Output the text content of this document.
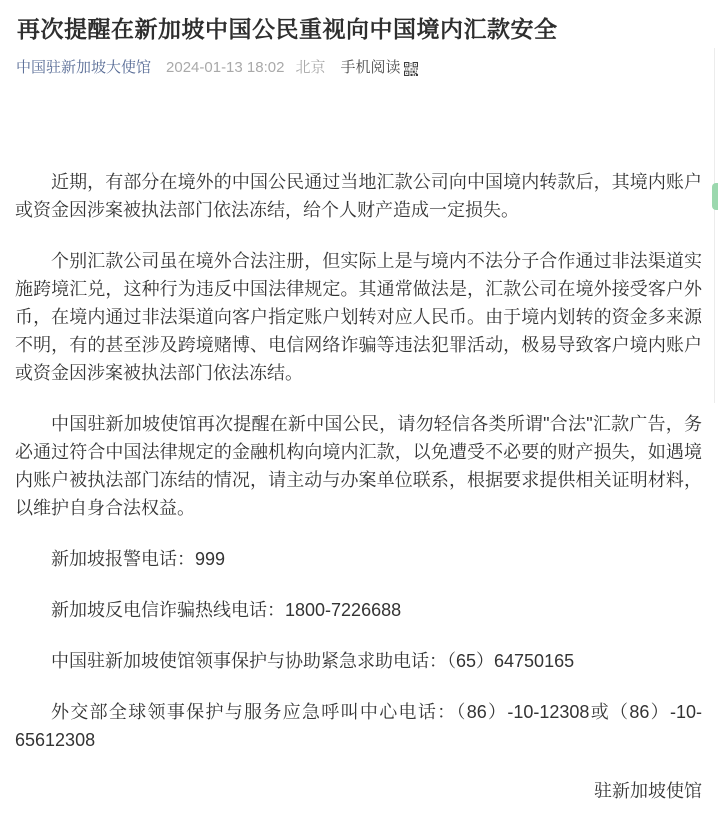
再次提醒在新加坡中国公民重视向中国境内汇款安全
中国驻新加坡大使馆 2024-01-13 18:02 北京 手机阅读

近期，有部分在境外的中国公民通过当地汇款公司向中国境内转款后，其境内账户或资金因涉案被执法部门依法冻结，给个人财产造成一定损失。

个别汇款公司虽在境外合法注册，但实际上是与境内不法分子合作通过非法渠道实施跨境汇兑，这种行为违反中国法律规定。其通常做法是，汇款公司在境外接受客户外币，在境内通过非法渠道向客户指定账户划转对应人民币。由于境内划转的资金多来源不明，有的甚至涉及跨境赌博、电信网络诈骗等违法犯罪活动，极易导致客户境内账户或资金因涉案被执法部门依法冻结。

中国驻新加坡使馆再次提醒在新中国公民，请勿轻信各类所谓"合法"汇款广告，务必通过符合中国法律规定的金融机构向境内汇款，以免遭受不必要的财产损失，如遇境内账户被执法部门冻结的情况，请主动与办案单位联系，根据要求提供相关证明材料，以维护自身合法权益。

新加坡报警电话：999

新加坡反电信诈骗热线电话：1800-7226688

中国驻新加坡使馆领事保护与协助紧急求助电话：（65）64750165

外交部全球领事保护与服务应急呼叫中心电话：（86）-10-12308或（86）-10-65612308

驻新加坡使馆
